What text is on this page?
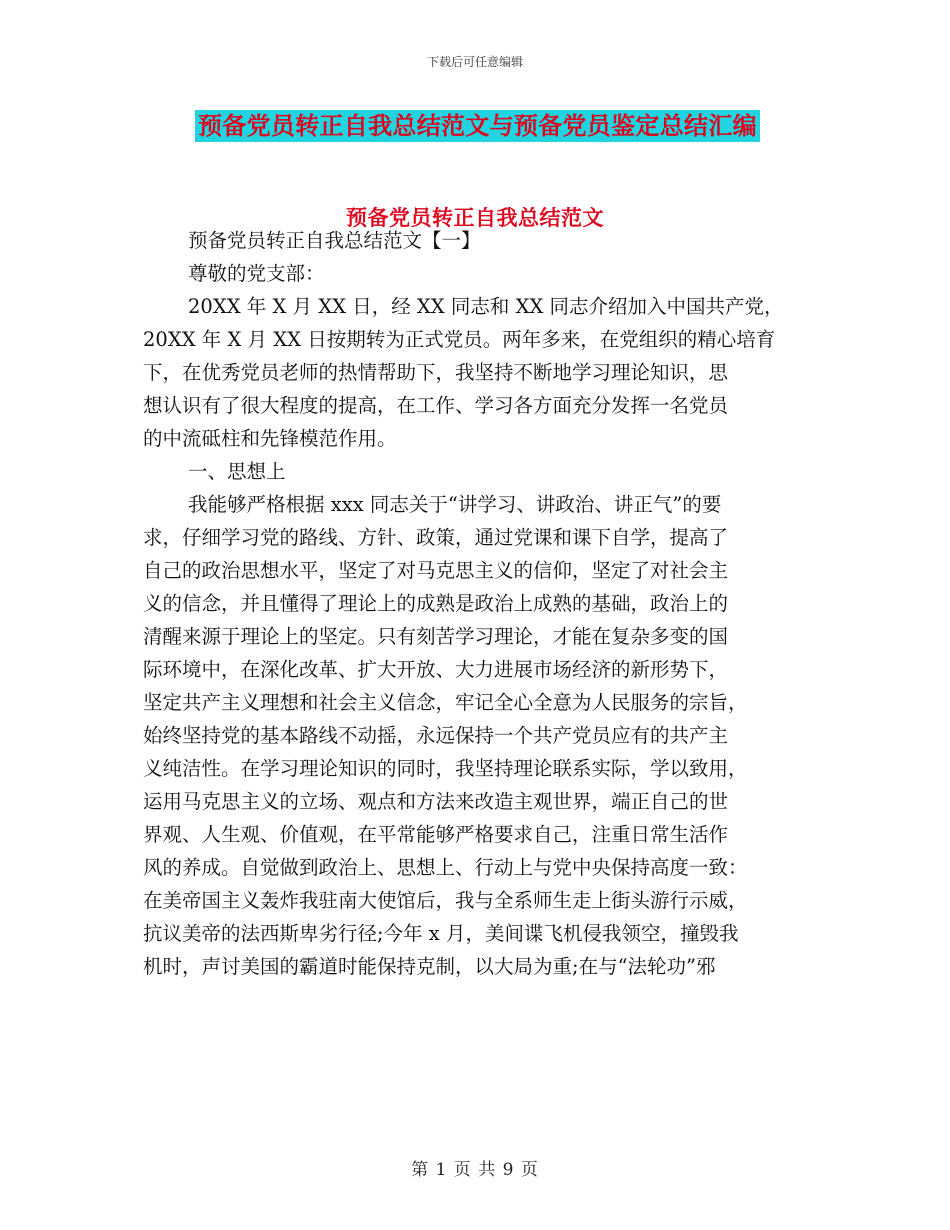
下载后可任意编辑
预备党员转正自我总结范文与预备党员鉴定总结汇编
预备党员转正自我总结范文
预备党员转正自我总结范文【一】
尊敬的党支部：
20XX 年 X 月 XX 日，经 XX 同志和 XX 同志介绍加入中国共产党，
20XX 年 X 月 XX 日按期转为正式党员。两年多来，在党组织的精心培育
下，在优秀党员老师的热情帮助下，我坚持不断地学习理论知识，思
想认识有了很大程度的提高，在工作、学习各方面充分发挥一名党员
的中流砥柱和先锋模范作用。
一、思想上
我能够严格根据 xxx 同志关于“讲学习、讲政治、讲正气”的要
求，仔细学习党的路线、方针、政策，通过党课和课下自学，提高了
自己的政治思想水平，坚定了对马克思主义的信仰，坚定了对社会主
义的信念，并且懂得了理论上的成熟是政治上成熟的基础，政治上的
清醒来源于理论上的坚定。只有刻苦学习理论，才能在复杂多变的国
际环境中，在深化改革、扩大开放、大力进展市场经济的新形势下，
坚定共产主义理想和社会主义信念，牢记全心全意为人民服务的宗旨，
始终坚持党的基本路线不动摇，永远保持一个共产党员应有的共产主
义纯洁性。在学习理论知识的同时，我坚持理论联系实际，学以致用，
运用马克思主义的立场、观点和方法来改造主观世界，端正自己的世
界观、人生观、价值观，在平常能够严格要求自己，注重日常生活作
风的养成。自觉做到政治上、思想上、行动上与党中央保持高度一致：
在美帝国主义轰炸我驻南大使馆后，我与全系师生走上街头游行示威，
抗议美帝的法西斯卑劣行径;今年 x 月，美间谍飞机侵我领空，撞毁我
机时，声讨美国的霸道时能保持克制，以大局为重;在与“法轮功”邪
第 1 页 共 9 页
